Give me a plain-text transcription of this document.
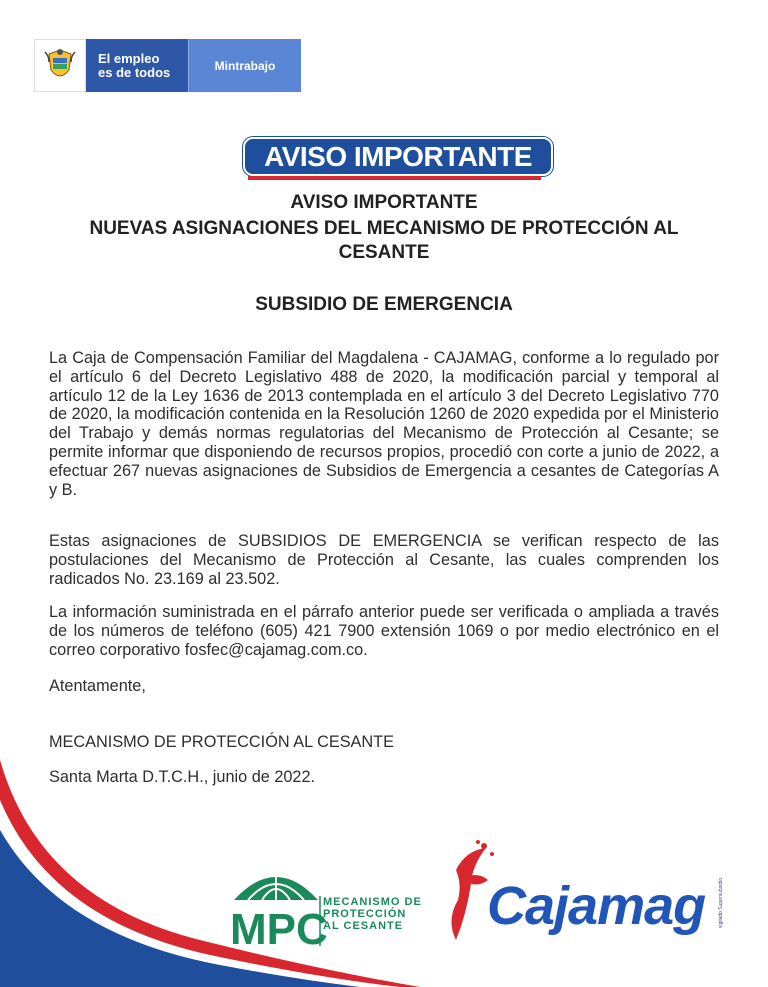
El empleo
es de todos	Mintrabajo
AVISO IMPORTANTE
AVISO IMPORTANTE
NUEVAS ASIGNACIONES DEL MECANISMO DE PROTECCIÓN AL
CESANTE
SUBSIDIO DE EMERGENCIA
La Caja de Compensación Familiar del Magdalena - CAJAMAG, conforme a lo regulado por el artículo 6 del Decreto Legislativo 488 de 2020, la modificación parcial y temporal al artículo 12 de la Ley 1636 de 2013 contemplada en el artículo 3 del Decreto Legislativo 770 de 2020, la modificación contenida en la Resolución 1260 de 2020 expedida por el Ministerio del Trabajo y demás normas regulatorias del Mecanismo de Protección al Cesante; se permite informar que disponiendo de recursos propios, procedió con corte a junio de 2022, a efectuar 267 nuevas asignaciones de Subsidios de Emergencia a cesantes de Categorías A y B.
Estas asignaciones de SUBSIDIOS DE EMERGENCIA se verifican respecto de las postulaciones del Mecanismo de Protección al Cesante, las cuales comprenden los radicados No. 23.169 al 23.502.
La información suministrada en el párrafo anterior puede ser verificada o ampliada a través de los números de teléfono (605) 421 7900 extensión 1069 o por medio electrónico en el correo corporativo fosfec@cajamag.com.co.
Atentamente,
MECANISMO DE PROTECCIÓN AL CESANTE
Santa Marta D.T.C.H., junio de 2022.
MPC
MECANISMO DE
PROTECCIÓN
AL CESANTE	Cajamag	vigilado Supersubsidio
